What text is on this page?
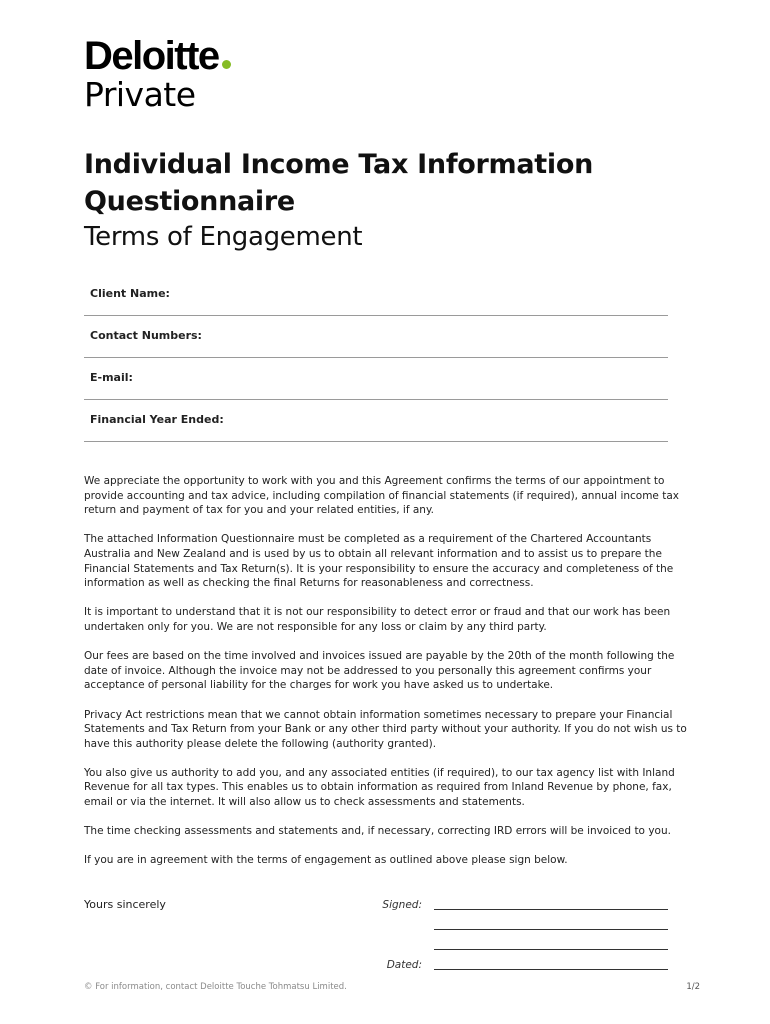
Deloitte
Private
Individual Income Tax Information Questionnaire
Terms of Engagement
Client Name:
Contact Numbers:
E-mail:
Financial Year Ended:

We appreciate the opportunity to work with you and this Agreement confirms the terms of our appointment to provide accounting and tax advice, including compilation of financial statements (if required), annual income tax return and payment of tax for you and your related entities, if any.

The attached Information Questionnaire must be completed as a requirement of the Chartered Accountants Australia and New Zealand and is used by us to obtain all relevant information and to assist us to prepare the Financial Statements and Tax Return(s). It is your responsibility to ensure the accuracy and completeness of the information as well as checking the final Returns for reasonableness and correctness.

It is important to understand that it is not our responsibility to detect error or fraud and that our work has been undertaken only for you. We are not responsible for any loss or claim by any third party.

Our fees are based on the time involved and invoices issued are payable by the 20th of the month following the date of invoice. Although the invoice may not be addressed to you personally this agreement confirms your acceptance of personal liability for the charges for work you have asked us to undertake.

Privacy Act restrictions mean that we cannot obtain information sometimes necessary to prepare your Financial Statements and Tax Return from your Bank or any other third party without your authority. If you do not wish us to have this authority please delete the following (authority granted).

You also give us authority to add you, and any associated entities (if required), to our tax agency list with Inland Revenue for all tax types. This enables us to obtain information as required from Inland Revenue by phone, fax, email or via the internet. It will also allow us to check assessments and statements.

The time checking assessments and statements and, if necessary, correcting IRD errors will be invoiced to you.

If you are in agreement with the terms of engagement as outlined above please sign below.

Yours sincerely	Signed:
Dated:
© For information, contact Deloitte Touche Tohmatsu Limited.	1/2
